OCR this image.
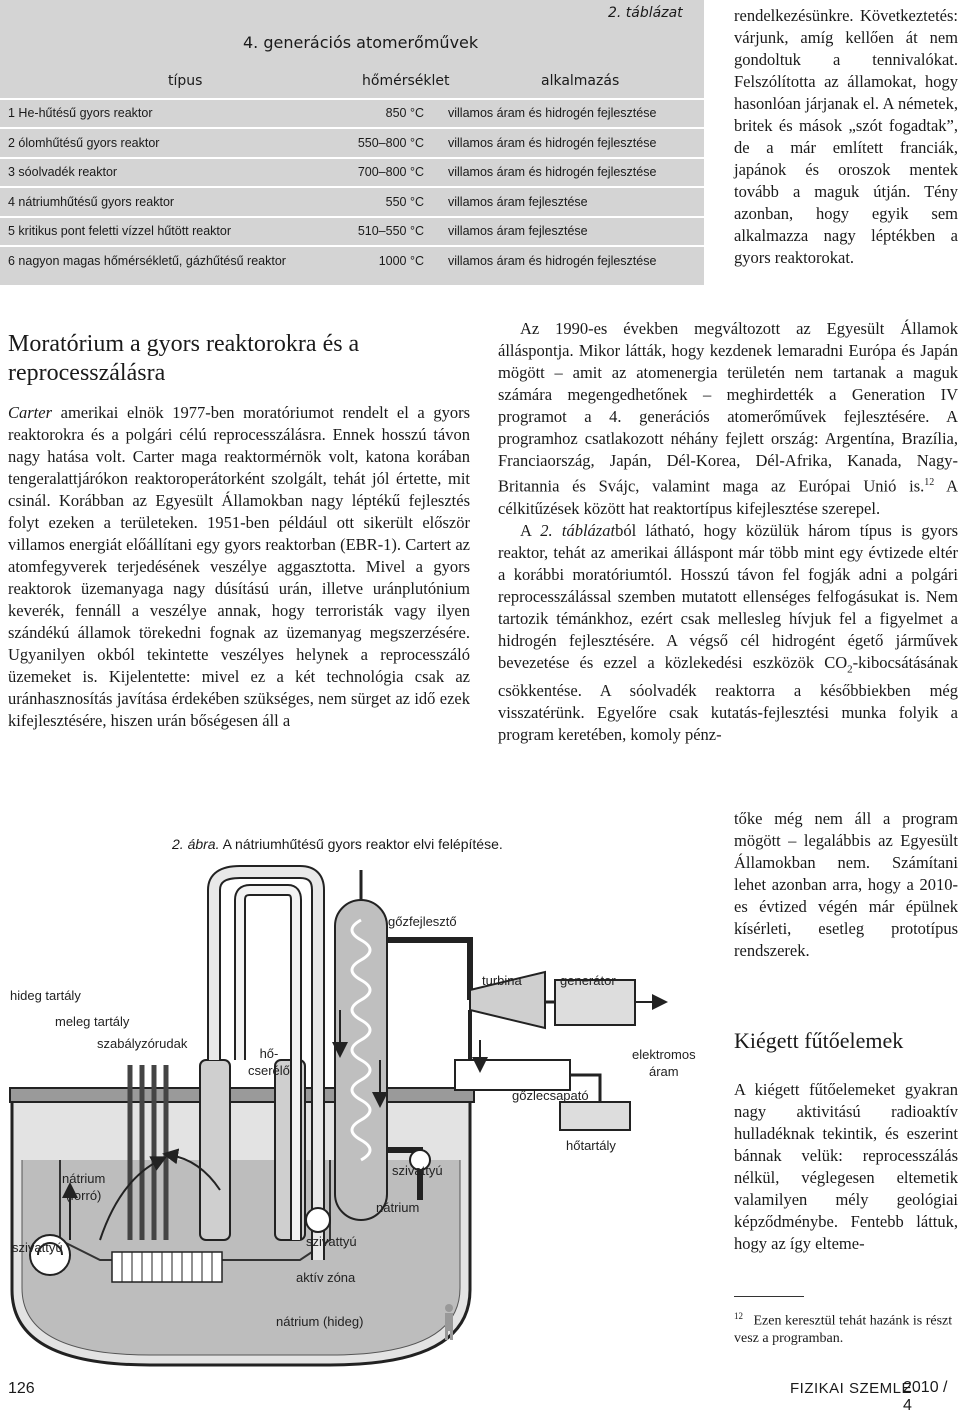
2. táblázat
4. generációs atomerőművek
típus	hőmérséklet	alkalmazás
1 He-hűtésű gyors reaktor	850 °C villamos áram és hidrogén fejlesztése
2 ólomhűtésű gyors reaktor	550–800 °C villamos áram és hidrogén fejlesztése
3 sóolvadék reaktor	700–800 °C villamos áram és hidrogén fejlesztése
4 nátriumhűtésű gyors reaktor	550 °C villamos áram fejlesztése
5 kritikus pont feletti vízzel hűtött reaktor	510–550 °C villamos áram fejlesztése
6 nagyon magas hőmérsékletű, gázhűtésű reaktor	1000 °C villamos áram és hidrogén fejlesztése
Moratórium a gyors reaktorokra és a reprocesszálásra

Carter amerikai elnök 1977-ben moratóriumot rendelt el a gyors reaktorokra és a polgári célú reprocesszálásra. Ennek hosszú távon nagy hatása volt. Carter maga reaktormérnök volt, katona korában tengeralattjárókon reaktoroperátorként szolgált, tehát jól értette, mit csinál. Korábban az Egyesült Államokban nagy léptékű fejlesztés folyt ezeken a területeken. 1951-ben például ott sikerült először villamos energiát előállítani egy gyors reaktorban (EBR-1). Cartert az atomfegyverek terjedésének veszélye aggasztotta. Mivel a gyors reaktorok üzemanyaga nagy dúsítású urán, illetve uránplutónium keverék, fennáll a veszélye annak, hogy terroristák vagy ilyen szándékú államok törekedni fognak az üzemanyag megszerzésére. Ugyanilyen okból tekintette veszélyes helynek a reprocesszáló üzemeket is. Kijelentette: mivel ez a két technológia csak az uránhasznosítás javítása érdekében szükséges, nem sürget az idő ezek kifejlesztésére, hiszen urán bőségesen áll a

rendelkezésünkre. Következtetés: várjunk, amíg kellően át nem gondoltuk a tennivalókat. Felszólította az államokat, hogy hasonlóan járjanak el. A németek, britek és mások „szót fogadtak”, de a már említett franciák, japánok és oroszok mentek tovább a maguk útján. Tény azonban, hogy egyik sem alkalmazza nagy léptékben a gyors reaktorokat.

Az 1990-es években megváltozott az Egyesült Államok álláspontja. Mikor látták, hogy kezdenek lemaradni Európa és Japán mögött – amit az atomenergia területén nem tartanak a maguk számára megengedhetőnek – meghirdették a Generation IV programot a 4. generációs atomerőművek fejlesztésére. A programhoz csatlakozott néhány fejlett ország: Argentína, Brazília, Franciaország, Japán, Dél-Korea, Dél-Afrika, Kanada, Nagy-Britannia és Svájc, valamint maga az Európai Unió is.$^{12}$ A célkitűzések között hat reaktortípus kifejlesztése szerepel.

A 2. táblázatból látható, hogy közülük három típus is gyors reaktor, tehát az amerikai álláspont már több mint egy évtizede eltér a korábbi moratóriumtól. Hosszú távon fel fogják adni a polgári reprocesszálással szemben mutatott ellenséges felfogásukat is. Nem tartozik témánkhoz, ezért csak mellesleg hívjuk fel a figyelmet a hidrogén fejlesztésére. A végső cél hidrogént égető járművek bevezetése és ezzel a közlekedési eszközök $CO_2$-kibocsátásának csökkentése. A sóolvadék reaktorra a későbbiekben még visszatérünk. Egyelőre csak kutatás-fejlesztési munka folyik a program keretében, komoly pénz-

tőke még nem áll a program mögött – legalábbis az Egyesült Államokban nem. Számítani lehet azonban arra, hogy a 2010-es évtized végén már épülnek kísérleti, esetleg prototípus rendszerek.

Kiégett fűtőelemek

A kiégett fűtőelemeket gyakran nagy aktivitású radioaktív hulladéknak tekintik, és eszerint bánnak velük: reprocesszálás nélkül, véglegesen eltemetik valamilyen mély geológiai képződménybe. Fentebb láttuk, hogy az így elteme-

$^{12}$ Ezen keresztül tehát hazánk is részt vesz a programban.
2. ábra. A nátriumhűtésű gyors reaktor elvi felépítése.
hideg tartály
meleg tartály
szabályzórudak
hő-
cserélő
gőzfejlesztő
turbina	generátor
elektromos
áram
gőzlecsapató
hőtartály
szivattyú
nátrium
nátrium
(forró)
szivattyú	szivattyú
aktív zóna
nátrium (hideg)
126	FIZIKAI SZEMLE
2010 / 4
